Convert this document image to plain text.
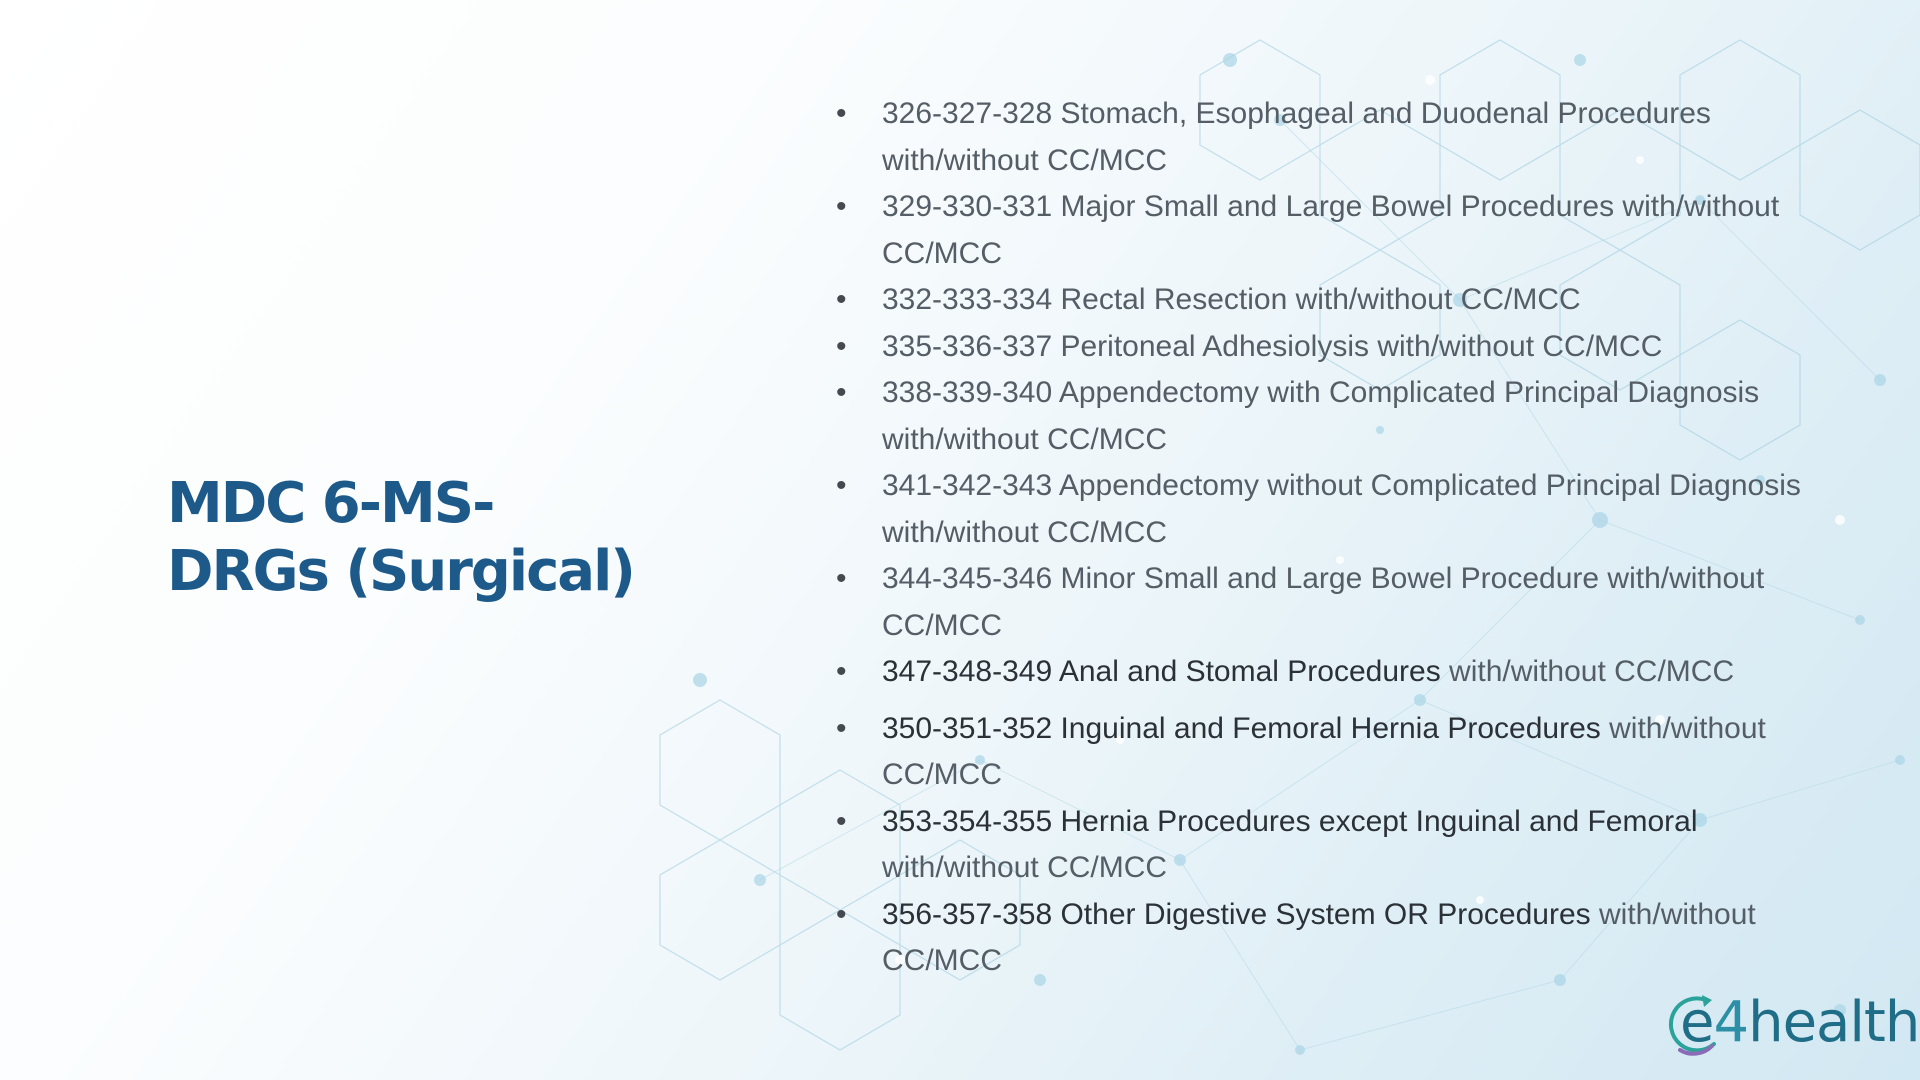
MDC 6-MS-
DRGs (Surgical)
•	326-327-328 Stomach, Esophageal and Duodenal Procedures with/without CC/MCC
•	329-330-331 Major Small and Large Bowel Procedures with/without CC/MCC
•	332-333-334 Rectal Resection with/without CC/MCC
•	335-336-337 Peritoneal Adhesiolysis with/without CC/MCC
•	338-339-340 Appendectomy with Complicated Principal Diagnosis with/without CC/MCC
•	341-342-343 Appendectomy without Complicated Principal Diagnosis with/without CC/MCC
•	344-345-346 Minor Small and Large Bowel Procedure with/without CC/MCC
•	347-348-349 Anal and Stomal Procedures with/without CC/MCC
•	350-351-352 Inguinal and Femoral Hernia Procedures with/without CC/MCC
•	353-354-355 Hernia Procedures except Inguinal and Femoral with/without CC/MCC
•	356-357-358 Other Digestive System OR Procedures with/without CC/MCC
e4health
